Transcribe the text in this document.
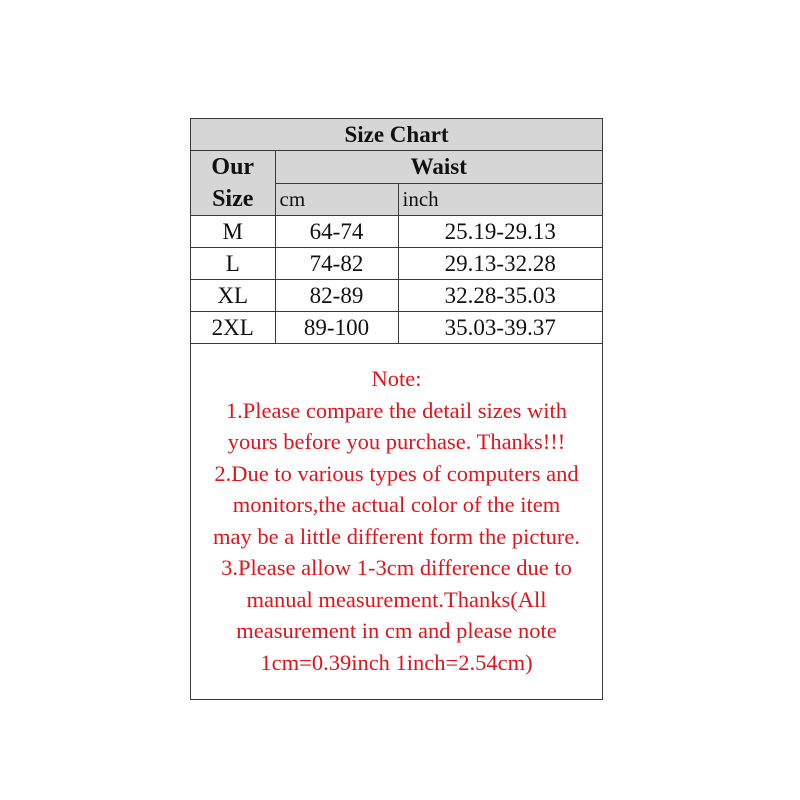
Size Chart		
Our
Size	Waist	
	cm	inch
M	64-74	25.19-29.13
L	74-82	29.13-32.28
XL	82-89	32.28-35.03
2XL	89-100	35.03-39.37
Note:
1.Please compare the detail sizes with
yours before you purchase. Thanks!!!
2.Due to various types of computers and
monitors,the actual color of the item
may be a little different form the picture.
3.Please allow 1-3cm difference due to
manual measurement.Thanks(All
measurement in cm and please note
1cm=0.39inch 1inch=2.54cm)
